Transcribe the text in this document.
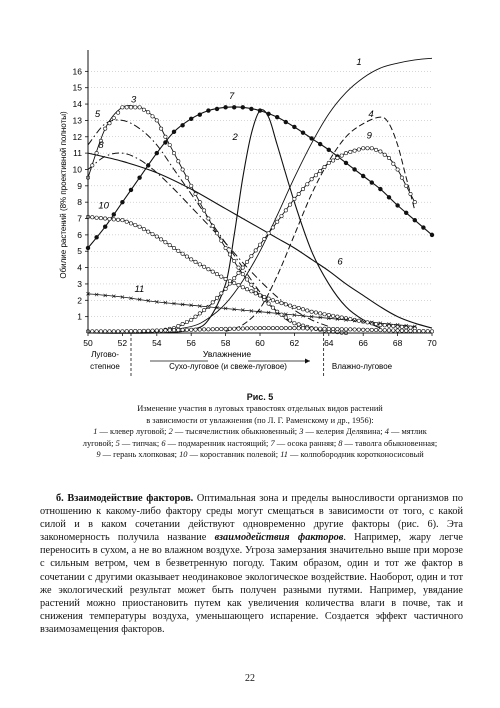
1
2
3
4
5
6
7
8
9
10
11
12
13
14
15
16
50	52	54	56	58	60	62	64	66	68	70
1
2
3
4
5
6
7
8
9
10
11
Обилие растений (8% проективной полноты)
Увлажнение
Лугово-
степное	Сухо-луговое (и свеже-луговое)	Влажно-луговое
Рис. 5
Изменение участия в луговых травостоях отдельных видов растений
в зависимости от увлажнения (по Л. Г. Раменскому и др., 1956):
1 — клевер луговой; 2 — тысячелистник обыкновенный; 3 — келерия Делявина; 4 — мятлик луговой; 5 — типчак; 6 — подмаренник настоящий; 7 — осока ранняя; 8 — таволга обыкновенная; 9 — герань хлопковая; 10 — короставник полевой; 11 — колпобородник коротконосисовый

б. Взаимодействие факторов. Оптимальная зона и пределы выносливости организмов по отношению к какому-либо фактору среды могут смещаться в зависимости от того, с какой силой и в каком сочетании действуют одновременно другие факторы (рис. 6). Эта закономерность получила название взаимодействия факторов. Например, жару легче переносить в сухом, а не во влажном воздухе. Угроза замерзания значительно выше при морозе с сильным ветром, чем в безветренную погоду. Таким образом, один и тот же фактор в сочетании с другими оказывает неодинаковое экологическое воздействие. Наоборот, один и тот же экологический результат может быть получен разными путями. Например, увядание растений можно приостановить путем как увеличения количества влаги в почве, так и снижения температуры воздуха, уменьшающего испарение. Создается эффект частичного взаимозамещения факторов.

22
